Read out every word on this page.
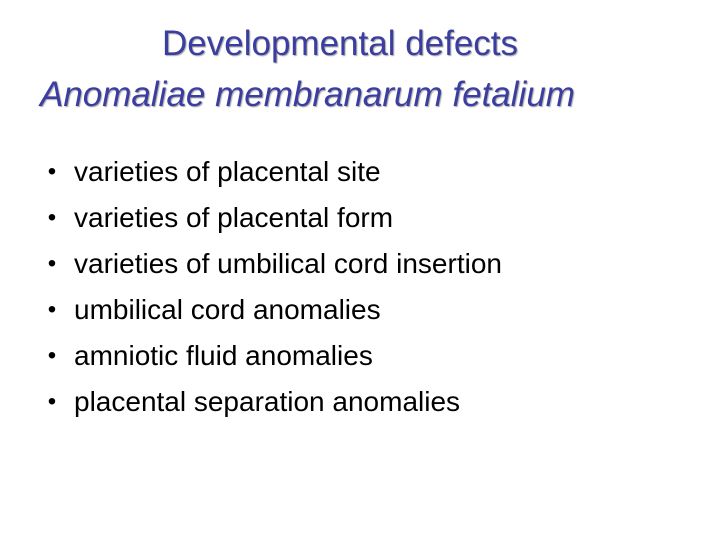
Developmental defects
Anomaliae membranarum fetalium
• varieties of placental site
• varieties of placental form
• varieties of umbilical cord insertion
• umbilical cord anomalies
• amniotic fluid anomalies
• placental separation anomalies
